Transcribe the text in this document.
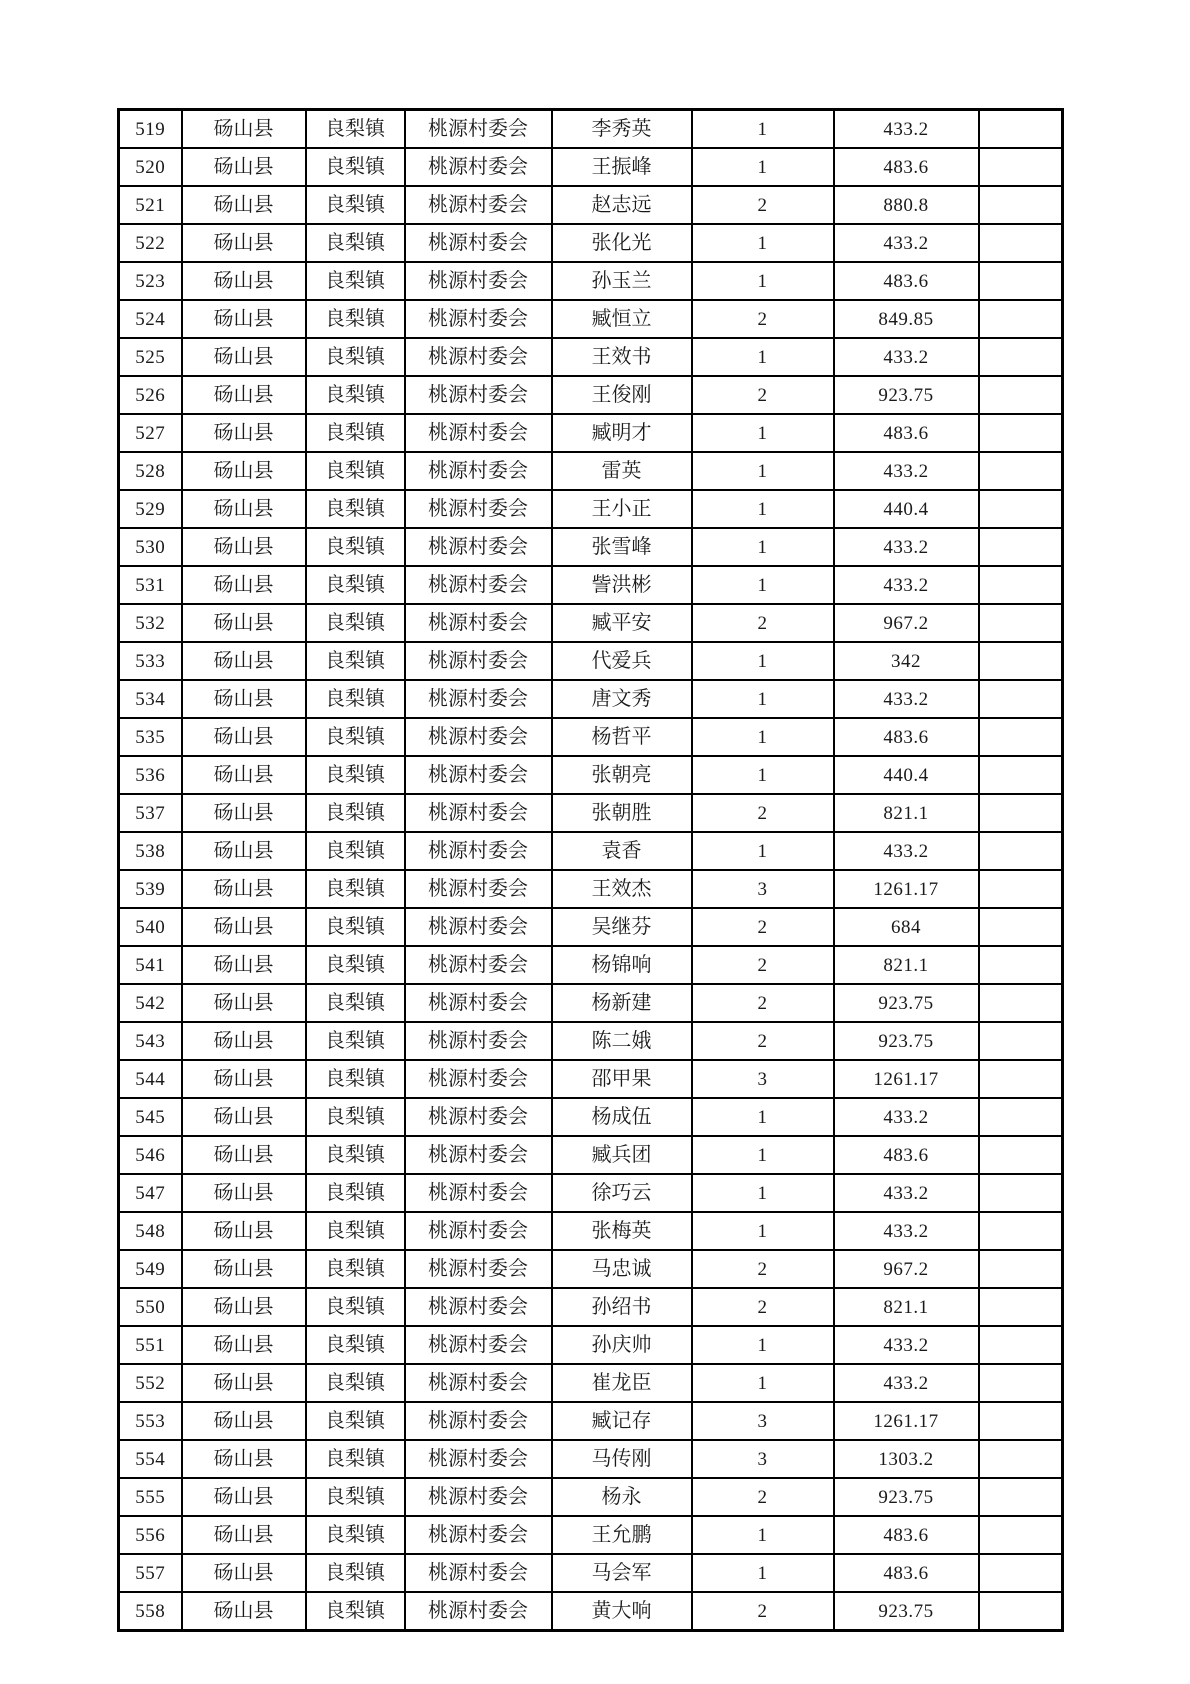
519	砀山县	良梨镇	桃源村委会	李秀英	1	433.2	
520	砀山县	良梨镇	桃源村委会	王振峰	1	483.6	
521	砀山县	良梨镇	桃源村委会	赵志远	2	880.8	
522	砀山县	良梨镇	桃源村委会	张化光	1	433.2	
523	砀山县	良梨镇	桃源村委会	孙玉兰	1	483.6	
524	砀山县	良梨镇	桃源村委会	臧恒立	2	849.85	
525	砀山县	良梨镇	桃源村委会	王效书	1	433.2	
526	砀山县	良梨镇	桃源村委会	王俊刚	2	923.75	
527	砀山县	良梨镇	桃源村委会	臧明才	1	483.6	
528	砀山县	良梨镇	桃源村委会	雷英	1	433.2	
529	砀山县	良梨镇	桃源村委会	王小正	1	440.4	
530	砀山县	良梨镇	桃源村委会	张雪峰	1	433.2	
531	砀山县	良梨镇	桃源村委会	訾洪彬	1	433.2	
532	砀山县	良梨镇	桃源村委会	臧平安	2	967.2	
533	砀山县	良梨镇	桃源村委会	代爱兵	1	342	
534	砀山县	良梨镇	桃源村委会	唐文秀	1	433.2	
535	砀山县	良梨镇	桃源村委会	杨哲平	1	483.6	
536	砀山县	良梨镇	桃源村委会	张朝亮	1	440.4	
537	砀山县	良梨镇	桃源村委会	张朝胜	2	821.1	
538	砀山县	良梨镇	桃源村委会	袁香	1	433.2	
539	砀山县	良梨镇	桃源村委会	王效杰	3	1261.17	
540	砀山县	良梨镇	桃源村委会	吴继芬	2	684	
541	砀山县	良梨镇	桃源村委会	杨锦响	2	821.1	
542	砀山县	良梨镇	桃源村委会	杨新建	2	923.75	
543	砀山县	良梨镇	桃源村委会	陈二娥	2	923.75	
544	砀山县	良梨镇	桃源村委会	邵甲果	3	1261.17	
545	砀山县	良梨镇	桃源村委会	杨成伍	1	433.2	
546	砀山县	良梨镇	桃源村委会	臧兵团	1	483.6	
547	砀山县	良梨镇	桃源村委会	徐巧云	1	433.2	
548	砀山县	良梨镇	桃源村委会	张梅英	1	433.2	
549	砀山县	良梨镇	桃源村委会	马忠诚	2	967.2	
550	砀山县	良梨镇	桃源村委会	孙绍书	2	821.1	
551	砀山县	良梨镇	桃源村委会	孙庆帅	1	433.2	
552	砀山县	良梨镇	桃源村委会	崔龙臣	1	433.2	
553	砀山县	良梨镇	桃源村委会	臧记存	3	1261.17	
554	砀山县	良梨镇	桃源村委会	马传刚	3	1303.2	
555	砀山县	良梨镇	桃源村委会	杨永	2	923.75	
556	砀山县	良梨镇	桃源村委会	王允鹏	1	483.6	
557	砀山县	良梨镇	桃源村委会	马会军	1	483.6	
558	砀山县	良梨镇	桃源村委会	黄大响	2	923.75	
